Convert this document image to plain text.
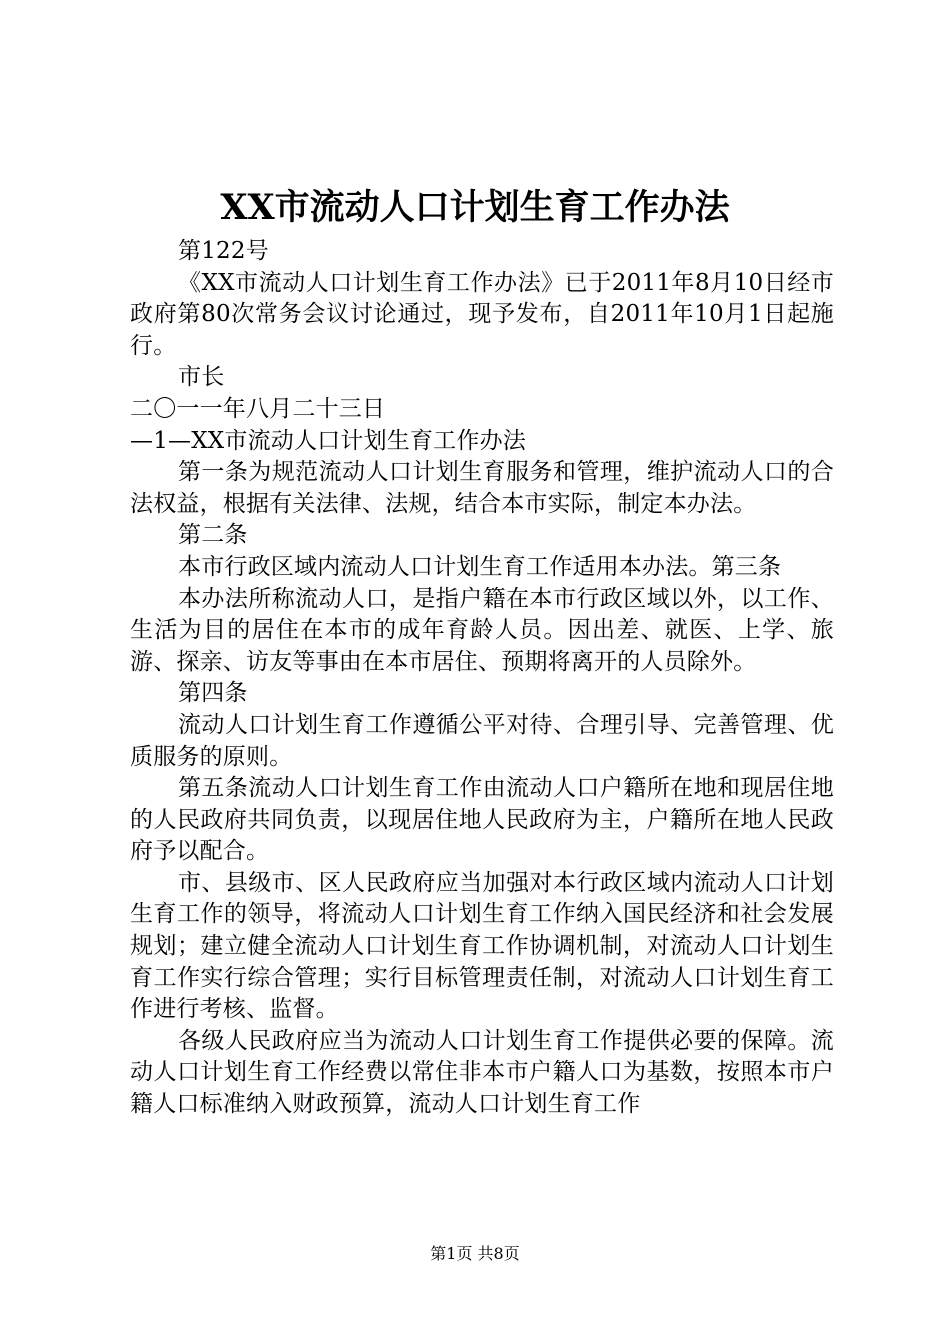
XX市流动人口计划生育工作办法

第122号

《XX市流动人口计划生育工作办法》已于2011年8月10日经市政府第80次常务会议讨论通过，现予发布，自2011年10月1日起施行。

市长

二〇一一年八月二十三日

—1—XX市流动人口计划生育工作办法

第一条为规范流动人口计划生育服务和管理，维护流动人口的合法权益，根据有关法律、法规，结合本市实际，制定本办法。

第二条

本市行政区域内流动人口计划生育工作适用本办法。第三条

本办法所称流动人口，是指户籍在本市行政区域以外，以工作、生活为目的居住在本市的成年育龄人员。因出差、就医、上学、旅游、探亲、访友等事由在本市居住、预期将离开的人员除外。

第四条

流动人口计划生育工作遵循公平对待、合理引导、完善管理、优质服务的原则。

第五条流动人口计划生育工作由流动人口户籍所在地和现居住地的人民政府共同负责，以现居住地人民政府为主，户籍所在地人民政府予以配合。

市、县级市、区人民政府应当加强对本行政区域内流动人口计划生育工作的领导，将流动人口计划生育工作纳入国民经济和社会发展规划；建立健全流动人口计划生育工作协调机制，对流动人口计划生育工作实行综合管理；实行目标管理责任制，对流动人口计划生育工作进行考核、监督。

各级人民政府应当为流动人口计划生育工作提供必要的保障。流动人口计划生育工作经费以常住非本市户籍人口为基数，按照本市户籍人口标准纳入财政预算，流动人口计划生育工作

第1页 共8页
